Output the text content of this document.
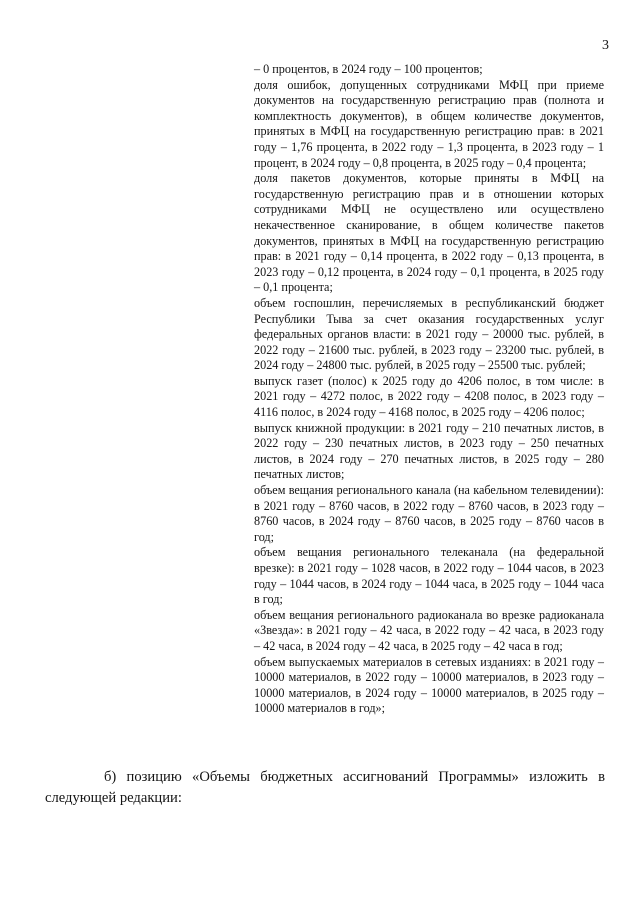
3

– 0 процентов, в 2024 году – 100 процентов;

доля ошибок, допущенных сотрудниками МФЦ при приеме документов на государственную регистрацию прав (полнота и комплектность документов), в общем количестве документов, принятых в МФЦ на государственную регистрацию прав: в 2021 году – 1,76 процента, в 2022 году – 1,3 процента, в 2023 году – 1 процент, в 2024 году – 0,8 процента, в 2025 году – 0,4 процента;

доля пакетов документов, которые приняты в МФЦ на государственную регистрацию прав и в отношении которых сотрудниками МФЦ не осуществлено или осуществлено некачественное сканирование, в общем количестве пакетов документов, принятых в МФЦ на государственную регистрацию прав: в 2021 году – 0,14 процента, в 2022 году – 0,13 процента, в 2023 году – 0,12 процента, в 2024 году – 0,1 процента, в 2025 году – 0,1 процента;

объем госпошлин, перечисляемых в республиканский бюджет Республики Тыва за счет оказания государственных услуг федеральных органов власти: в 2021 году – 20000 тыс. рублей, в 2022 году – 21600 тыс. рублей, в 2023 году – 23200 тыс. рублей, в 2024 году – 24800 тыс. рублей, в 2025 году – 25500 тыс. рублей;

выпуск газет (полос) к 2025 году до 4206 полос, в том числе: в 2021 году – 4272 полос, в 2022 году – 4208 полос, в 2023 году – 4116 полос, в 2024 году – 4168 полос, в 2025 году – 4206 полос;

выпуск книжной продукции: в 2021 году – 210 печатных листов, в 2022 году – 230 печатных листов, в 2023 году – 250 печатных листов, в 2024 году – 270 печатных листов, в 2025 году – 280 печатных листов;

объем вещания регионального канала (на кабельном телевидении): в 2021 году – 8760 часов, в 2022 году – 8760 часов, в 2023 году – 8760 часов, в 2024 году – 8760 часов, в 2025 году – 8760 часов в год;

объем вещания регионального телеканала (на федеральной врезке): в 2021 году – 1028 часов, в 2022 году – 1044 часов, в 2023 году – 1044 часов, в 2024 году – 1044 часа, в 2025 году – 1044 часа в год;

объем вещания регионального радиоканала во врезке радиоканала «Звезда»: в 2021 году – 42 часа, в 2022 году – 42 часа, в 2023 году – 42 часа, в 2024 году – 42 часа, в 2025 году – 42 часа в год;

объем выпускаемых материалов в сетевых изданиях: в 2021 году – 10000 материалов, в 2022 году – 10000 материалов, в 2023 году – 10000 материалов, в 2024 году – 10000 материалов, в 2025 году – 10000 материалов в год»;

б) позицию «Объемы бюджетных ассигнований Программы» изложить в следующей редакции:
